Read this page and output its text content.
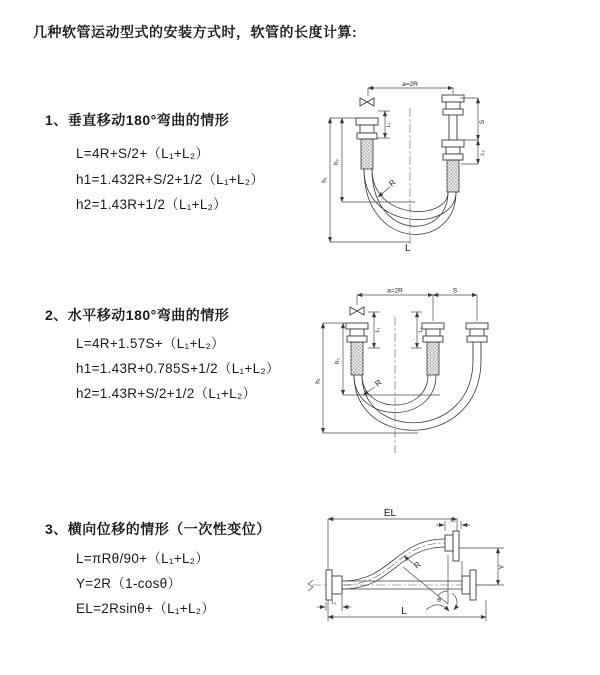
几种软管运动型式的安装方式时，软管的长度计算:
1、垂直移动180°弯曲的情形
L=4R+S/2+（L₁+L₂）
h1=1.432R+S/2+1/2（L₁+L₂）
h2=1.43R+1/2（L₁+L₂）
2、水平移动180°弯曲的情形
L=4R+1.57S+（L₁+L₂）
h1=1.43R+0.785S+1/2（L₁+L₂）
h2=1.43R+S/2+1/2（L₁+L₂）
3、横向位移的情形（一次性变位）
L=πRθ/90+（L₁+L₂）
Y=2R（1-cosθ）
EL=2Rsinθ+（L₁+L₂）
a=2R
S
L₂
h₁
h₂
L₁
R
L
a=2R	S
h₁
h₂
L₁	L₂
R
EL
L₂
Y
θ
R
L
L₁
